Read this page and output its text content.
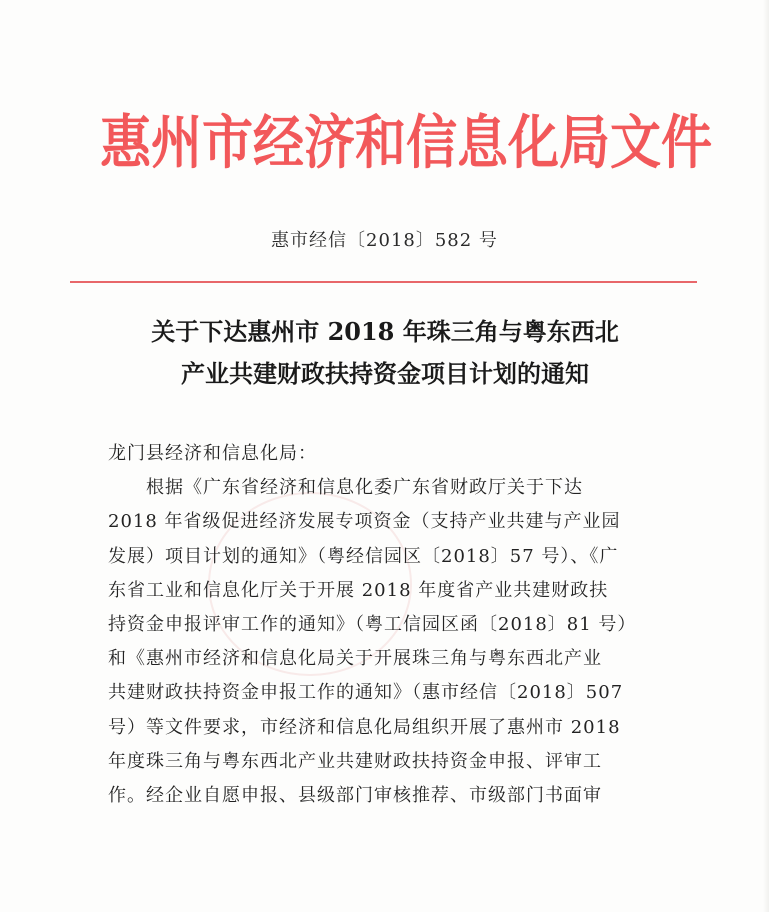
惠州市经济和信息化局文件
惠市经信〔2018〕582 号
关于下达惠州市 2018 年珠三角与粤东西北
产业共建财政扶持资金项目计划的通知
龙门县经济和信息化局：
　　根据《广东省经济和信息化委广东省财政厅关于下达
2018 年省级促进经济发展专项资金（支持产业共建与产业园
发展）项目计划的通知》（粤经信园区〔2018〕57 号）、《广
东省工业和信息化厅关于开展 2018 年度省产业共建财政扶
持资金申报评审工作的通知》（粤工信园区函〔2018〕81 号）
和《惠州市经济和信息化局关于开展珠三角与粤东西北产业
共建财政扶持资金申报工作的通知》（惠市经信〔2018〕507
号）等文件要求，市经济和信息化局组织开展了惠州市 2018
年度珠三角与粤东西北产业共建财政扶持资金申报、评审工
作。经企业自愿申报、县级部门审核推荐、市级部门书面审
